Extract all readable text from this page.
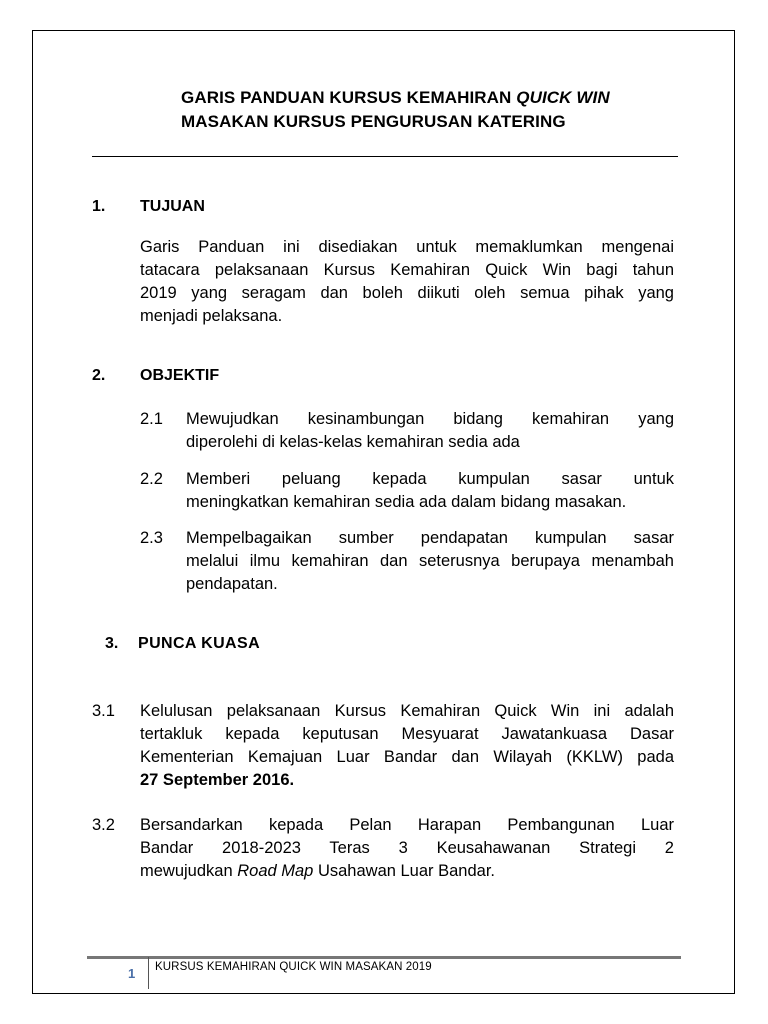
GARIS PANDUAN KURSUS KEMAHIRAN QUICK WIN
MASAKAN KURSUS PENGURUSAN KATERING
1. TUJUAN
Garis Panduan ini disediakan untuk memaklumkan mengenai
tatacara pelaksanaan Kursus Kemahiran Quick Win bagi tahun
2019 yang seragam dan boleh diikuti oleh semua pihak yang
menjadi pelaksana.
2. OBJEKTIF
2.1 Mewujudkan kesinambungan bidang kemahiran yang
diperolehi di kelas-kelas kemahiran sedia ada
2.2 Memberi peluang kepada kumpulan sasar untuk
meningkatkan kemahiran sedia ada dalam bidang masakan.
2.3 Mempelbagaikan sumber pendapatan kumpulan sasar
melalui ilmu kemahiran dan seterusnya berupaya menambah
pendapatan.
3. PUNCA KUASA
3.1 Kelulusan pelaksanaan Kursus Kemahiran Quick Win ini adalah
tertakluk kepada keputusan Mesyuarat Jawatankuasa Dasar
Kementerian Kemajuan Luar Bandar dan Wilayah (KKLW) pada
27 September 2016.
3.2 Bersandarkan kepada Pelan Harapan Pembangunan Luar
Bandar 2018-2023 Teras 3 Keusahawanan Strategi 2
mewujudkan Road Map Usahawan Luar Bandar.
1 KURSUS KEMAHIRAN QUICK WIN MASAKAN 2019
